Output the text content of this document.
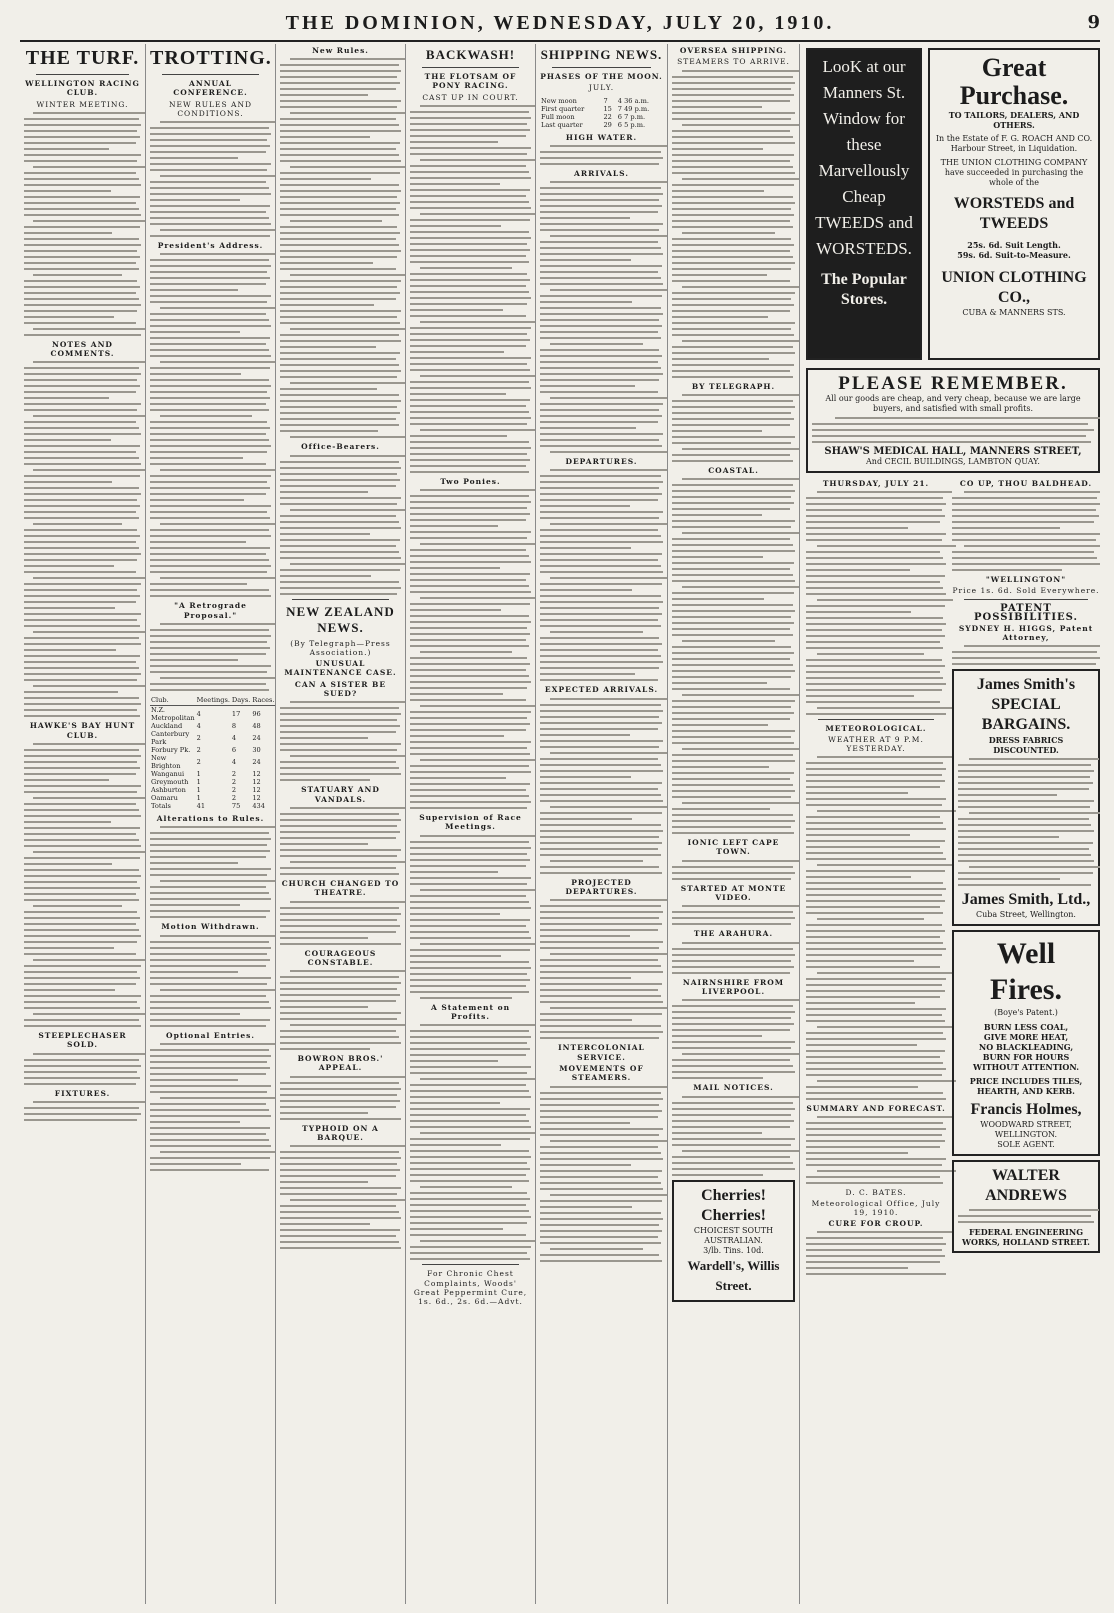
THE DOMINION, WEDNESDAY, JULY 20, 1910.	9
THE TURF.
WELLINGTON RACING CLUB.
WINTER MEETING.
NOTES AND COMMENTS.
HAWKE'S BAY HUNT CLUB.
STEEPLECHASER SOLD.
FIXTURES.
TROTTING.
ANNUAL CONFERENCE.
NEW RULES AND CONDITIONS.
President's Address.
"A Retrograde Proposal."
Club.	Meetings.	Days.	Races.		
N.Z. Metropolitan	4	17	96		
Auckland	4	8	48		
Canterbury Park	2	4	24		
Forbury Pk.	2	6	30		
New Brighton	2	4	24		
Wanganui	1	2	12		
Greymouth	1	2	12		
Ashburton	1	2	12		
Oamaru	1	2	12		
Totals	41	75	434		
Alterations to Rules.
Motion Withdrawn.
Optional Entries.
New Rules.
Office-Bearers.
NEW ZEALAND NEWS.
(By Telegraph—Press Association.)
UNUSUAL MAINTENANCE CASE.
CAN A SISTER BE SUED?
STATUARY AND VANDALS.
CHURCH CHANGED TO THEATRE.
COURAGEOUS CONSTABLE.
BOWRON BROS.' APPEAL.
TYPHOID ON A BARQUE.
BACKWASH!
THE FLOTSAM OF PONY RACING.
CAST UP IN COURT.
Two Ponies.
Supervision of Race Meetings.
A Statement on Profits.
For Chronic Chest Complaints, Woods' Great Peppermint Cure, 1s. 6d., 2s. 6d.—Advt.
SHIPPING NEWS.
PHASES OF THE MOON.
JULY.
New moon	7	4 36 a.m.
First quarter	15	7 49 p.m.
Full moon	22	6 7 p.m.
Last quarter	29	6 5 p.m.
HIGH WATER.
ARRIVALS.
DEPARTURES.
EXPECTED ARRIVALS.
PROJECTED DEPARTURES.
INTERCOLONIAL SERVICE.
MOVEMENTS OF STEAMERS.
OVERSEA SHIPPING.
STEAMERS TO ARRIVE.
BY TELEGRAPH.
COASTAL.
IONIC LEFT CAPE TOWN.
STARTED AT MONTE VIDEO.
THE ARAHURA.
NAIRNSHIRE FROM LIVERPOOL.
MAIL NOTICES.
Cherries! Cherries!
CHOICEST SOUTH AUSTRALIAN.
3/lb. Tins. 10d.
Wardell's, Willis Street.
LooK at our
Manners St.
Window for
these
Marvellously
Cheap
TWEEDS and
WORSTEDS.
The Popular Stores.
Great Purchase.
TO TAILORS, DEALERS, AND OTHERS.
In the Estate of F. G. ROACH AND CO. Harbour Street, in Liquidation.
THE UNION CLOTHING COMPANY have succeeded in purchasing the whole of the
WORSTEDS and TWEEDS
25s. 6d. Suit Length.
59s. 6d. Suit-to-Measure.
UNION CLOTHING CO.,
CUBA & MANNERS STS.
PLEASE REMEMBER.
All our goods are cheap, and very cheap, because we are large buyers, and satisfied with small profits.
SHAW'S MEDICAL HALL, MANNERS STREET,
And CECIL BUILDINGS, LAMBTON QUAY.
THURSDAY, JULY 21.
METEOROLOGICAL.
WEATHER AT 9 P.M. YESTERDAY.
SUMMARY AND FORECAST.
D. C. BATES.
Meteorological Office, July 19, 1910.
CURE FOR CROUP.
CO UP, THOU BALDHEAD.
"WELLINGTON"
Price 1s. 6d. Sold Everywhere.
PATENT POSSIBILITIES.
SYDNEY H. HIGGS, Patent Attorney,
James Smith's SPECIAL BARGAINS.
DRESS FABRICS DISCOUNTED.
James Smith, Ltd.,
Cuba Street, Wellington.
Well Fires.
(Boye's Patent.)
BURN LESS COAL,
GIVE MORE HEAT,
NO BLACKLEADING,
BURN FOR HOURS
WITHOUT ATTENTION.
PRICE INCLUDES TILES, HEARTH, AND KERB.
Francis Holmes,
WOODWARD STREET, WELLINGTON.
SOLE AGENT.
WALTER ANDREWS
FEDERAL ENGINEERING WORKS, HOLLAND STREET.
